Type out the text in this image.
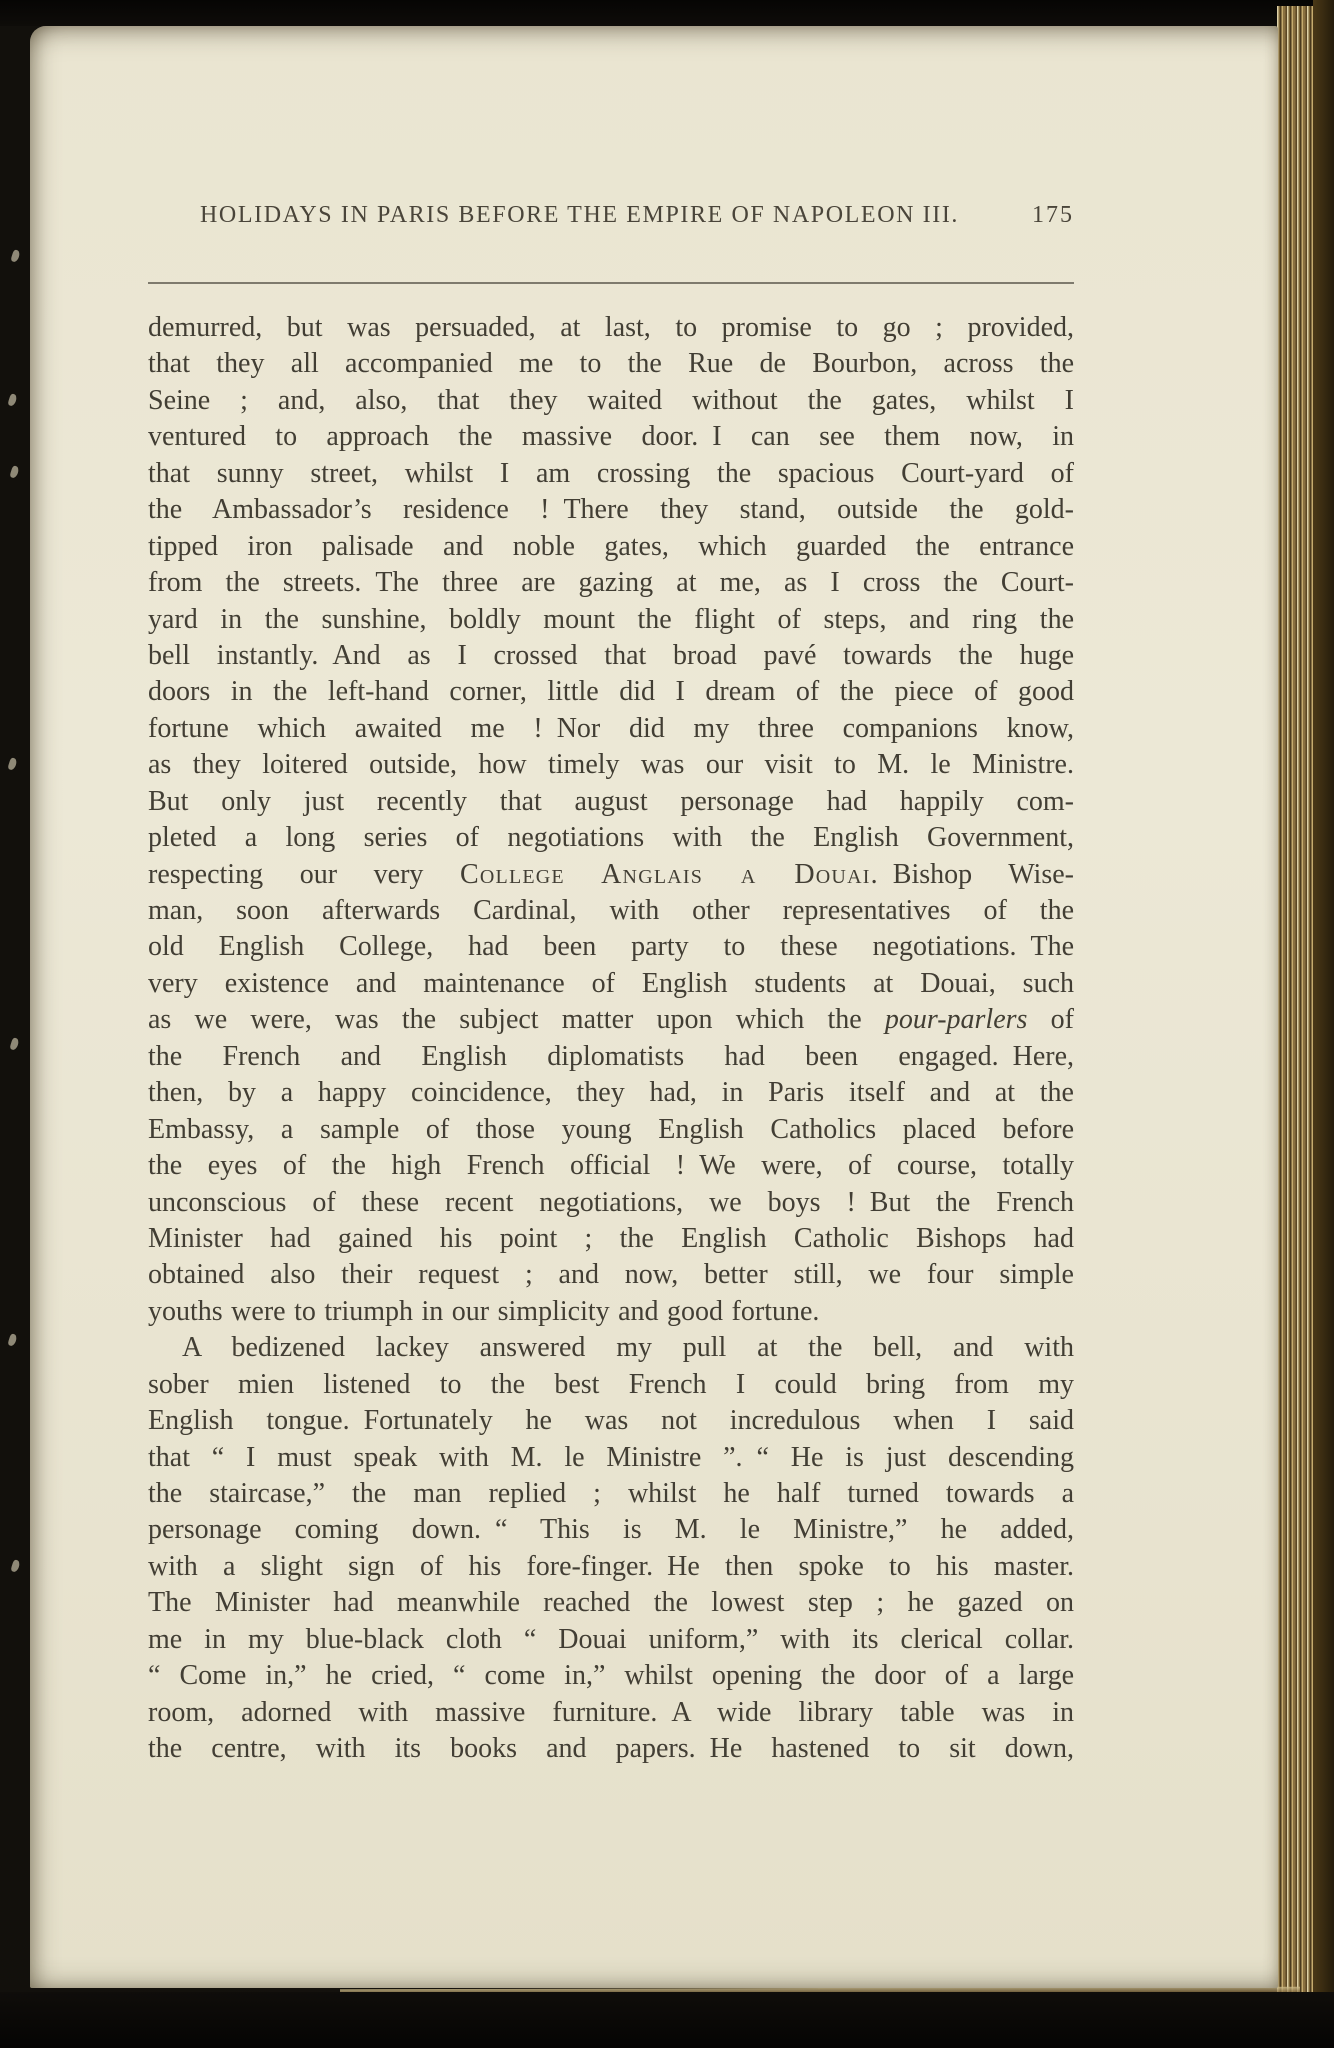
HOLIDAYS IN PARIS BEFORE THE EMPIRE OF NAPOLEON III.	175
demurred, but was persuaded, at last, to promise to go ; provided,
that they all accompanied me to the Rue de Bourbon, across the
Seine ; and, also, that they waited without the gates, whilst I
ventured to approach the massive door. I can see them now, in
that sunny street, whilst I am crossing the spacious Court-yard of
the Ambassador’s residence ! There they stand, outside the gold-
tipped iron palisade and noble gates, which guarded the entrance
from the streets. The three are gazing at me, as I cross the Court-
yard in the sunshine, boldly mount the flight of steps, and ring the
bell instantly. And as I crossed that broad pavé towards the huge
doors in the left-hand corner, little did I dream of the piece of good
fortune which awaited me ! Nor did my three companions know,
as they loitered outside, how timely was our visit to M. le Ministre.
But only just recently that august personage had happily com-
pleted a long series of negotiations with the English Government,
respecting our very College Anglais a Douai. Bishop Wise-
man, soon afterwards Cardinal, with other representatives of the
old English College, had been party to these negotiations. The
very existence and maintenance of English students at Douai, such
as we were, was the subject matter upon which the pour-parlers of
the French and English diplomatists had been engaged. Here,
then, by a happy coincidence, they had, in Paris itself and at the
Embassy, a sample of those young English Catholics placed before
the eyes of the high French official ! We were, of course, totally
unconscious of these recent negotiations, we boys ! But the French
Minister had gained his point ; the English Catholic Bishops had
obtained also their request ; and now, better still, we four simple
youths were to triumph in our simplicity and good fortune.
A bedizened lackey answered my pull at the bell, and with
sober mien listened to the best French I could bring from my
English tongue. Fortunately he was not incredulous when I said
that “ I must speak with M. le Ministre ”. “ He is just descending
the staircase,” the man replied ; whilst he half turned towards a
personage coming down. “ This is M. le Ministre,” he added,
with a slight sign of his fore-finger. He then spoke to his master.
The Minister had meanwhile reached the lowest step ; he gazed on
me in my blue-black cloth “ Douai uniform,” with its clerical collar.
“ Come in,” he cried, “ come in,” whilst opening the door of a large
room, adorned with massive furniture. A wide library table was in
the centre, with its books and papers. He hastened to sit down,
